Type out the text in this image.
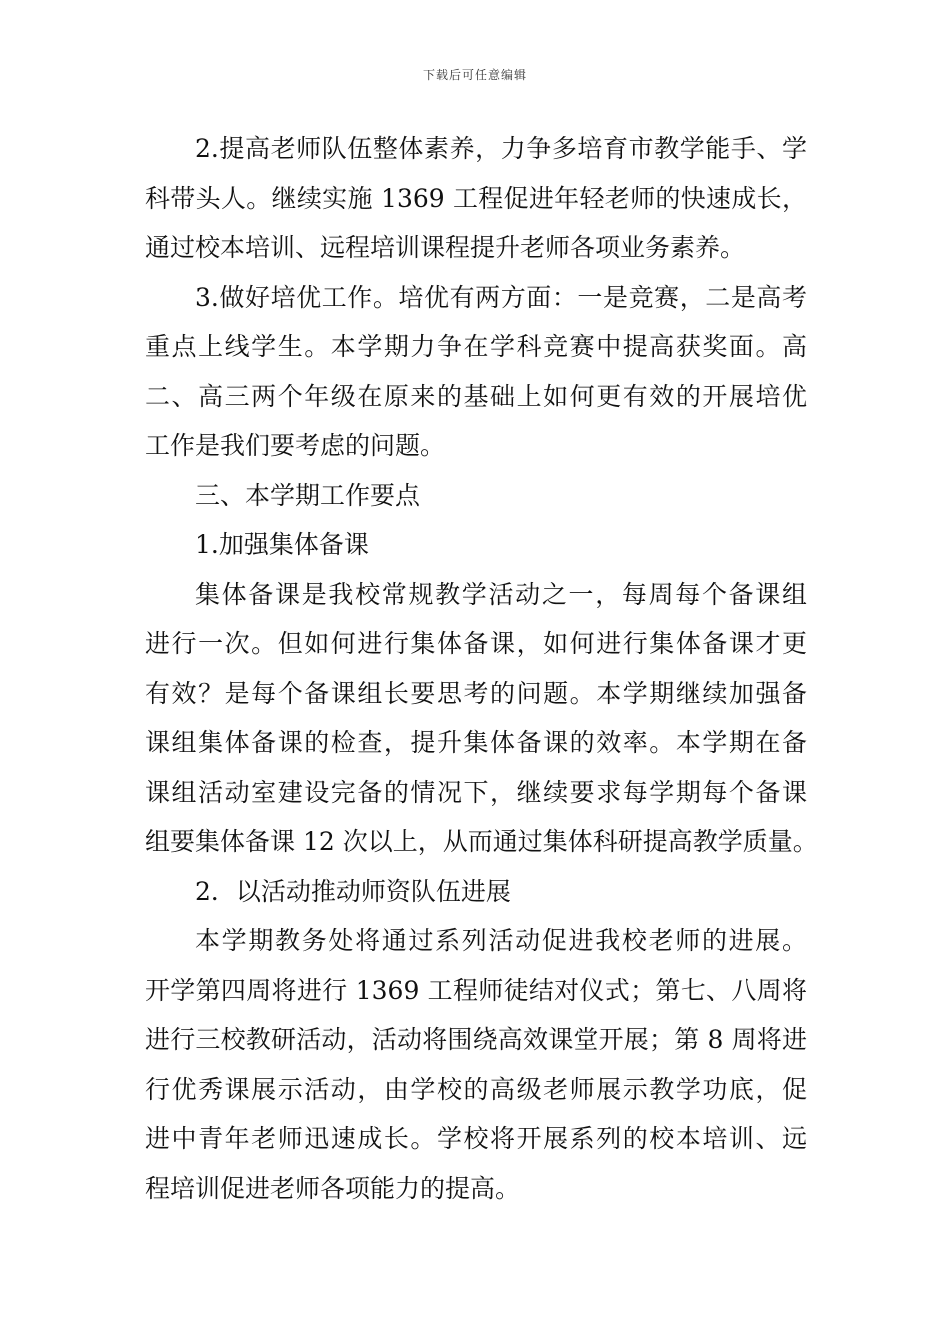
下载后可任意编辑
2.提高老师队伍整体素养，力争多培育市教学能手、学
科带头人。继续实施 1369 工程促进年轻老师的快速成长，
通过校本培训、远程培训课程提升老师各项业务素养。
3.做好培优工作。培优有两方面：一是竞赛，二是高考
重点上线学生。本学期力争在学科竞赛中提高获奖面。高
二、高三两个年级在原来的基础上如何更有效的开展培优
工作是我们要考虑的问题。
三、本学期工作要点
1.加强集体备课
集体备课是我校常规教学活动之一，每周每个备课组
进行一次。但如何进行集体备课，如何进行集体备课才更
有效？是每个备课组长要思考的问题。本学期继续加强备
课组集体备课的检查，提升集体备课的效率。本学期在备
课组活动室建设完备的情况下，继续要求每学期每个备课
组要集体备课 12 次以上，从而通过集体科研提高教学质量。
2．以活动推动师资队伍进展
本学期教务处将通过系列活动促进我校老师的进展。
开学第四周将进行 1369 工程师徒结对仪式；第七、八周将
进行三校教研活动，活动将围绕高效课堂开展；第 8 周将进
行优秀课展示活动，由学校的高级老师展示教学功底，促
进中青年老师迅速成长。学校将开展系列的校本培训、远
程培训促进老师各项能力的提高。
